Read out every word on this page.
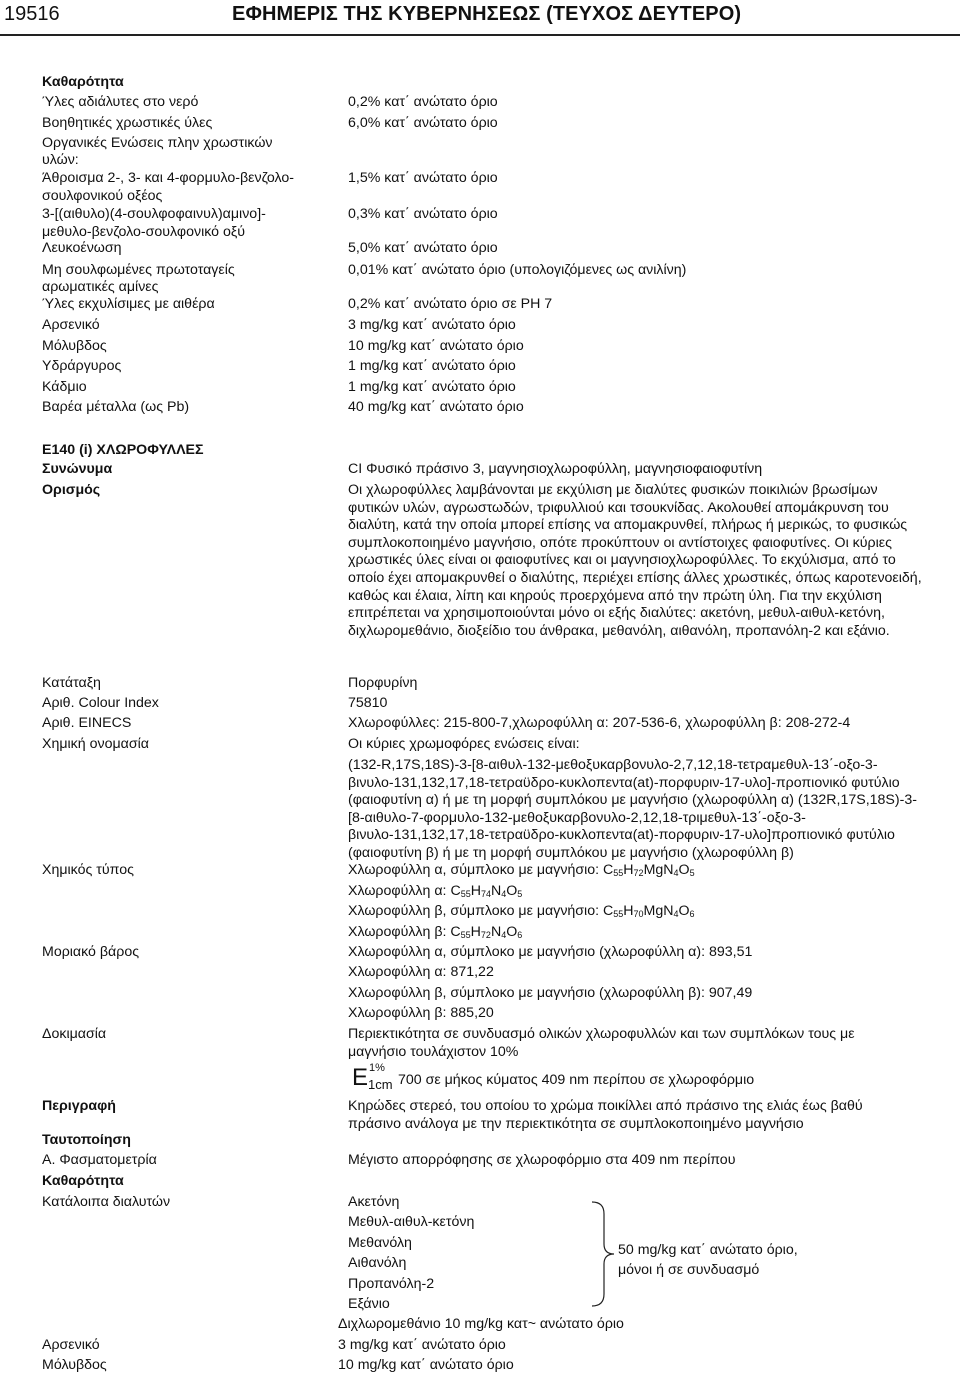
19516	ΕΦΗΜΕΡΙΣ ΤΗΣ ΚΥΒΕΡΝΗΣΕΩΣ (ΤΕΥΧΟΣ ΔΕΥΤΕΡΟ)
Καθαρότητα
Ύλες αδιάλυτες στο νερό	0,2% κατ΄ ανώτατο όριο
Βοηθητικές χρωστικές ύλες	6,0% κατ΄ ανώτατο όριο
Οργανικές Ενώσεις πλην χρωστικών
υλών:
Άθροισμα 2-, 3- και 4-φορμυλο-βενζολο-	1,5% κατ΄ ανώτατο όριο
σουλφονικού οξέος
3-[(αιθυλο)(4-σουλφοφαινυλ)αμινο]-	0,3% κατ΄ ανώτατο όριο
μεθυλο-βενζολο-σουλφονικό οξύ
Λευκοένωση	5,0% κατ΄ ανώτατο όριο
Μη σουλφωμένες πρωτοταγείς	0,01% κατ΄ ανώτατο όριο (υπολογιζόμενες ως ανιλίνη)
αρωματικές αμίνες
Ύλες εκχυλίσιμες με αιθέρα	0,2% κατ΄ ανώτατο όριο σε PH 7
Αρσενικό	3 mg/kg κατ΄ ανώτατο όριο
Μόλυβδος	10 mg/kg κατ΄ ανώτατο όριο
Υδράργυρος	1 mg/kg κατ΄ ανώτατο όριο
Κάδμιο	1 mg/kg κατ΄ ανώτατο όριο
Βαρέα μέταλλα (ως Pb)	40 mg/kg κατ΄ ανώτατο όριο
E140 (i) ΧΛΩΡΟΦΥΛΛΕΣ
Συνώνυμα	CI Φυσικό πράσινο 3, μαγνησιοχλωροφύλλη, μαγνησιοφαιοφυτίνη
Ορισμός	Οι χλωροφύλλες λαμβάνονται με εκχύλιση με διαλύτες φυσικών ποικιλιών βρωσίμων φυτικών υλών, αγρωστωδών, τριφυλλιού και τσουκνίδας. Ακολουθεί απομάκρυνση του διαλύτη, κατά την οποία μπορεί επίσης να απομακρυνθεί, πλήρως ή μερικώς, το φυσικώς συμπλοκοποιημένο μαγνήσιο, οπότε προκύπτουν οι αντίστοιχες φαιοφυτίνες. Οι κύριες χρωστικές ύλες είναι οι φαιοφυτίνες και οι μαγνησιοχλωροφύλλες. Το εκχύλισμα, από το οποίο έχει απομακρυνθεί ο διαλύτης, περιέχει επίσης άλλες χρωστικές, όπως καροτενοειδή, καθώς και έλαια, λίπη και κηρούς προερχόμενα από την πρώτη ύλη. Για την εκχύλιση επιτρέπεται να χρησιμοποιούνται μόνο οι εξής διαλύτες: ακετόνη, μεθυλ-αιθυλ-κετόνη, διχλωρομεθάνιο, διοξείδιο του άνθρακα, μεθανόλη, αιθανόλη, προπανόλη-2 και εξάνιο.
Κατάταξη	Πορφυρίνη
Αριθ. Colour Index	75810
Αριθ. EINECS	Χλωροφύλλες: 215-800-7,χλωροφύλλη α: 207-536-6, χλωροφύλλη β: 208-272-4
Χημική ονομασία	Οι κύριες χρωμοφόρες ενώσεις είναι:
(132-R,17S,18S)-3-[8-αιθυλ-132-μεθοξυκαρβονυλο-2,7,12,18-τετραμεθυλ-13΄-οξο-3-βινυλο-131,132,17,18-τετραϋδρο-κυκλοπεντα(at)-πορφυριν-17-υλο]-προπιονικό φυτύλιο (φαιοφυτίνη α) ή με τη μορφή συμπλόκου με μαγνήσιο (χλωροφύλλη α) (132R,17S,18S)-3-[8-αιθυλο-7-φορμυλο-132-μεθοξυκαρβονυλο-2,12,18-τριμεθυλ-13΄-οξο-3-βινυλο-131,132,17,18-τετραϋδρο-κυκλοπεντα(at)-πορφυριν-17-υλο]προπιονικό φυτύλιο (φαιοφυτίνη β) ή με τη μορφή συμπλόκου με μαγνήσιο (χλωροφύλλη β)
Χημικός τύπος	Χλωροφύλλη α, σύμπλοκο με μαγνήσιο: $C_{55}H_{72}MgN_4O_5$
Χλωροφύλλη α: $C_{55}H_{74}N_4O_5$
Χλωροφύλλη β, σύμπλοκο με μαγνήσιο: $C_{55}H_{70}MgN_4O_6$
Χλωροφύλλη β: $C_{55}H_{72}N_4O_6$
Μοριακό βάρος	Χλωροφύλλη α, σύμπλοκο με μαγνήσιο (χλωροφύλλη α): 893,51
Χλωροφύλλη α: 871,22
Χλωροφύλλη β, σύμπλοκο με μαγνήσιο (χλωροφύλλη β): 907,49
Χλωροφύλλη β: 885,20
Δοκιμασία	Περιεκτικότητα σε συνδυασμό ολικών χλωροφυλλών και των συμπλόκων τους με μαγνήσιο τουλάχιστον 10%
E 1%
1cm 700 σε μήκος κύματος 409 nm περίπου σε χλωροφόρμιο
Περιγραφή	Κηρώδες στερεό, του οποίου το χρώμα ποικίλλει από πράσινο της ελιάς έως βαθύ πράσινο ανάλογα με την περιεκτικότητα σε συμπλοκοποιημένο μαγνήσιο
Ταυτοποίηση
Α. Φασματομετρία	Μέγιστο απορρόφησης σε χλωροφόρμιο στα 409 nm περίπου
Καθαρότητα
Κατάλοιπα διαλυτών	Ακετόνη
Μεθυλ-αιθυλ-κετόνη
Μεθανόλη
Αιθανόλη
Προπανόλη-2
Εξάνιο
50 mg/kg κατ΄ ανώτατο όριο,
μόνοι ή σε συνδυασμό
Διχλωρομεθάνιο 10 mg/kg κατ~ ανώτατο όριο
Αρσενικό	3 mg/kg κατ΄ ανώτατο όριο
Μόλυβδος	10 mg/kg κατ΄ ανώτατο όριο
